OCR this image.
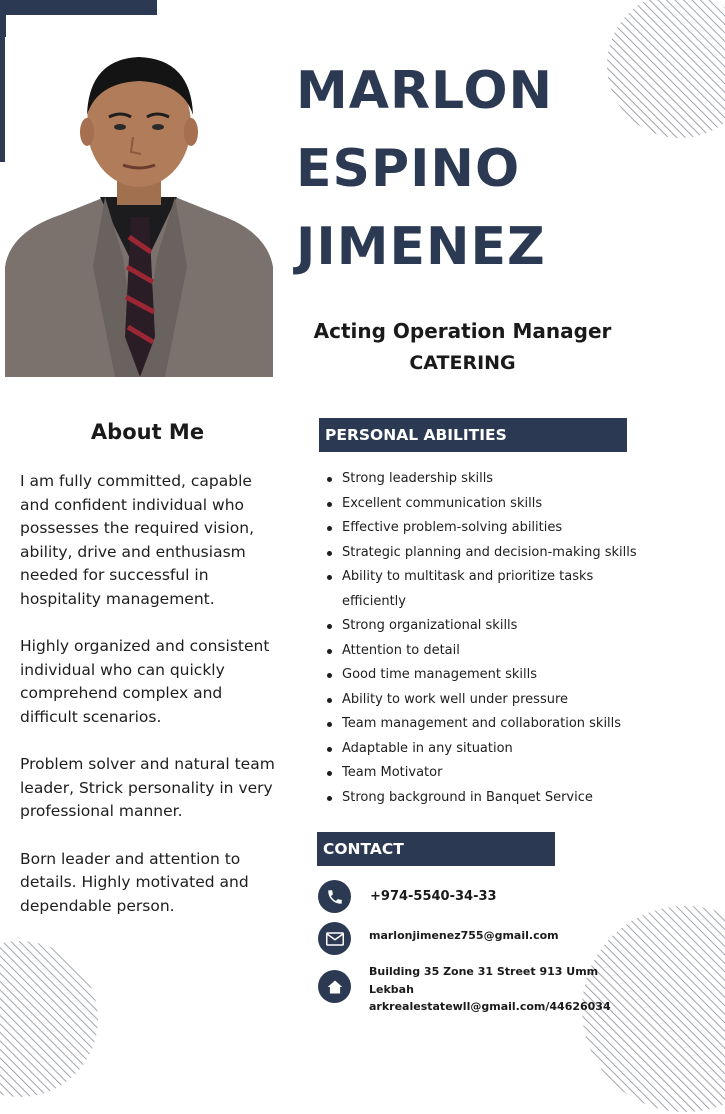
MARLON
ESPINO
JIMENEZ
Acting Operation Manager
CATERING
About Me

I am fully committed, capable and confident individual who possesses the required vision, ability, drive and enthusiasm needed for successful in hospitality management.

Highly organized and consistent individual who can quickly comprehend complex and difficult scenarios.

Problem solver and natural team leader, Strick personality in very professional manner.

Born leader and attention to details. Highly motivated and dependable person.

PERSONAL ABILITIES
Strong leadership skills
Excellent communication skills
Effective problem-solving abilities
Strategic planning and decision-making skills
Ability to multitask and prioritize tasks efficiently
Strong organizational skills
Attention to detail
Good time management skills
Ability to work well under pressure
Team management and collaboration skills
Adaptable in any situation
Team Motivator
Strong background in Banquet Service
CONTACT
+974-5540-34-33
marlonjimenez755@gmail.com
Building 35 Zone 31 Street 913 Umm Lekbah
arkrealestatewll@gmail.com/44626034
